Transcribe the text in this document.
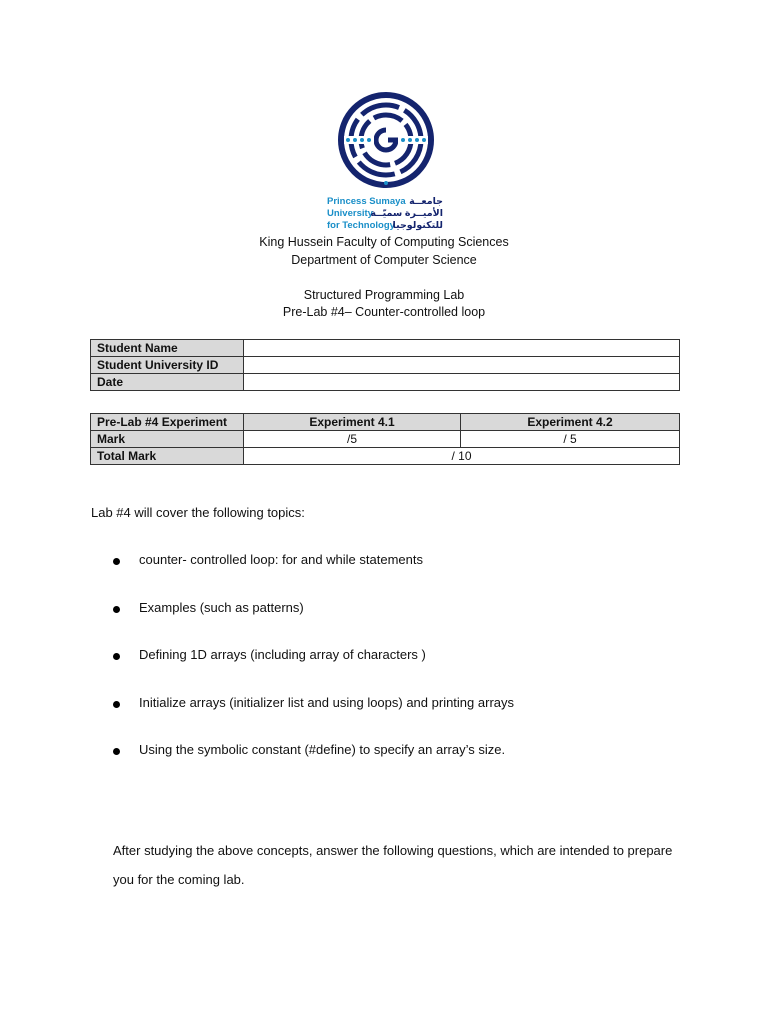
Princess Sumaya
University
for Technology
جامعــة
الأميــرة سميّــة
للتكنولوجيا
King Hussein Faculty of Computing Sciences
Department of Computer Science
Structured Programming Lab
Pre-Lab #4– Counter-controlled loop
Student Name	
Student University ID	
Date	
Pre-Lab #4 Experiment	Experiment 4.1	Experiment 4.2
Mark	/5	/ 5
Total Mark	/ 10	
Lab #4 will cover the following topics:
counter- controlled loop: for and while statements
Examples (such as patterns)
Defining 1D arrays (including array of characters )
Initialize arrays (initializer list and using loops) and printing arrays
Using the symbolic constant (#define) to specify an array’s size.
After studying the above concepts, answer the following questions, which are intended to prepare you for the coming lab.
